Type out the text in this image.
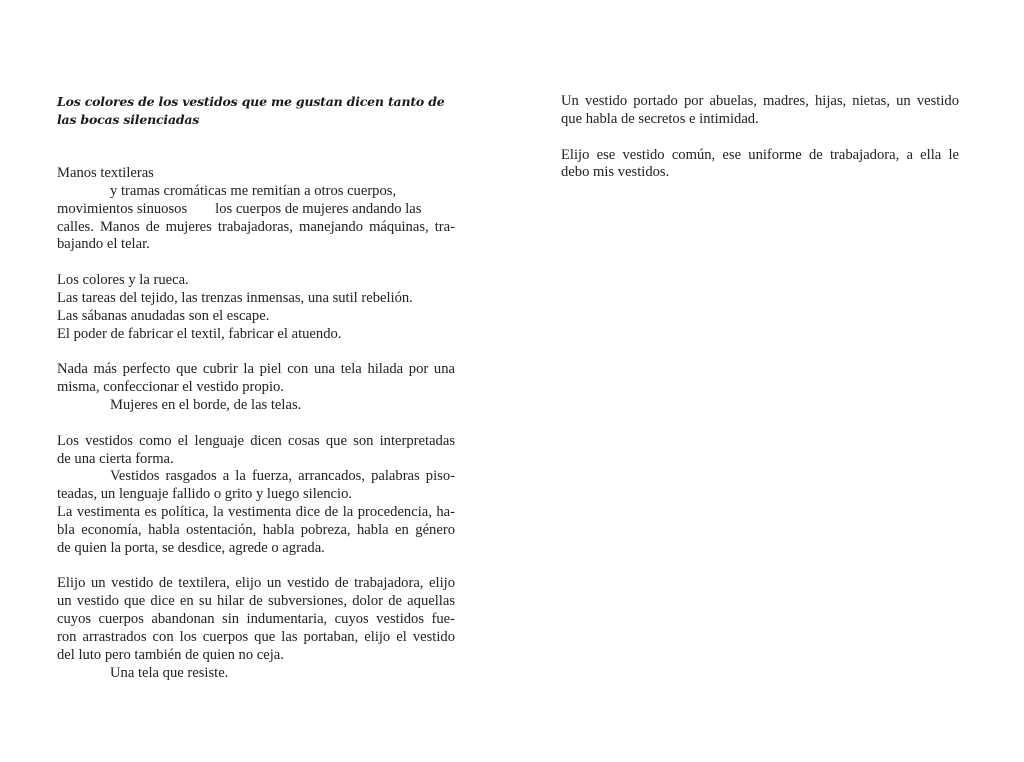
Los colores de los vestidos que me gustan dicen tanto de las bocas silenciadas

Manos textileras
y tramas cromáticas me remitían a otros cuerpos,
movimientos sinuosos los cuerpos de mujeres andando las
calles. Manos de mujeres trabajadoras, manejando máquinas, tra-
bajando el telar.
Los colores y la rueca.
Las tareas del tejido, las trenzas inmensas, una sutil rebelión.
Las sábanas anudadas son el escape.
El poder de fabricar el textil, fabricar el atuendo.
Nada más perfecto que cubrir la piel con una tela hilada por una
misma, confeccionar el vestido propio.
Mujeres en el borde, de las telas.
Los vestidos como el lenguaje dicen cosas que son interpretadas
de una cierta forma.
Vestidos rasgados a la fuerza, arrancados, palabras piso-
teadas, un lenguaje fallido o grito y luego silencio.
La vestimenta es política, la vestimenta dice de la procedencia, ha-
bla economía, habla ostentación, habla pobreza, habla en género
de quien la porta, se desdice, agrede o agrada.
Elijo un vestido de textilera, elijo un vestido de trabajadora, elijo
un vestido que dice en su hilar de subversiones, dolor de aquellas
cuyos cuerpos abandonan sin indumentaria, cuyos vestidos fue-
ron arrastrados con los cuerpos que las portaban, elijo el vestido
del luto pero también de quien no ceja.
Una tela que resiste.
Un vestido portado por abuelas, madres, hijas, nietas, un vestido
que habla de secretos e intimidad.
Elijo ese vestido común, ese uniforme de trabajadora, a ella le
debo mis vestidos.
